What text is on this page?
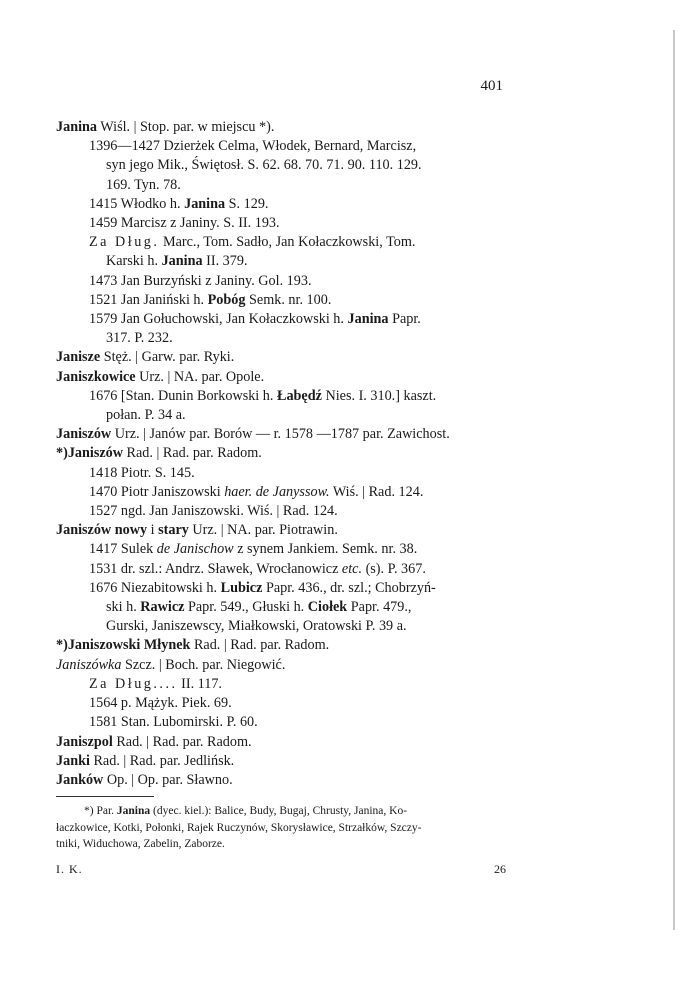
401
Janina Wiśl. | Stop. par. w miejscu *).
1396—1427 Dzierżek Celma, Włodek, Bernard, Marcisz,
syn jego Mik., Świętosł. S. 62. 68. 70. 71. 90. 110. 129.
169. Tyn. 78.
1415 Włodko h. Janina S. 129.
1459 Marcisz z Janiny. S. II. 193.
Za Dług. Marc., Tom. Sadło, Jan Kołaczkowski, Tom.
Karski h. Janina II. 379.
1473 Jan Burzyński z Janiny. Gol. 193.
1521 Jan Janiński h. Pobóg Semk. nr. 100.
1579 Jan Gołuchowski, Jan Kołaczkowski h. Janina Papr.
317. P. 232.
Janisze Stęż. | Garw. par. Ryki.
Janiszkowice Urz. | NA. par. Opole.
1676 [Stan. Dunin Borkowski h. Łabędź Nies. I. 310.] kaszt.
połan. P. 34 a.
Janiszów Urz. | Janów par. Borów — r. 1578 —1787 par. Zawichost.
*)Janiszów Rad. | Rad. par. Radom.
1418 Piotr. S. 145.
1470 Piotr Janiszowski haer. de Janyssow. Wiś. | Rad. 124.
1527 ngd. Jan Janiszowski. Wiś. | Rad. 124.
Janiszów nowy i stary Urz. | NA. par. Piotrawin.
1417 Sulek de Janischow z synem Jankiem. Semk. nr. 38.
1531 dr. szl.: Andrz. Sławek, Wrocłanowicz etc. (s). P. 367.
1676 Niezabitowski h. Lubicz Papr. 436., dr. szl.; Chobrzyń-
ski h. Rawicz Papr. 549., Głuski h. Ciołek Papr. 479.,
Gurski, Janiszewscy, Miałkowski, Oratowski P. 39 a.
*)Janiszowski Młynek Rad. | Rad. par. Radom.
Janiszówka Szcz. | Boch. par. Niegowić.
Za Dług.... II. 117.
1564 p. Mążyk. Piek. 69.
1581 Stan. Lubomirski. P. 60.
Janiszpol Rad. | Rad. par. Radom.
Janki Rad. | Rad. par. Jedlińsk.
Janków Op. | Op. par. Sławno.
*) Par. Janina (dyec. kiel.): Balice, Budy, Bugaj, Chrusty, Janina, Ko-
łaczkowice, Kotki, Połonki, Rajek Ruczynów, Skorysławice, Strzałków, Szczy-
tniki, Widuchowa, Zabelin, Zaborze.
I. K.	26
